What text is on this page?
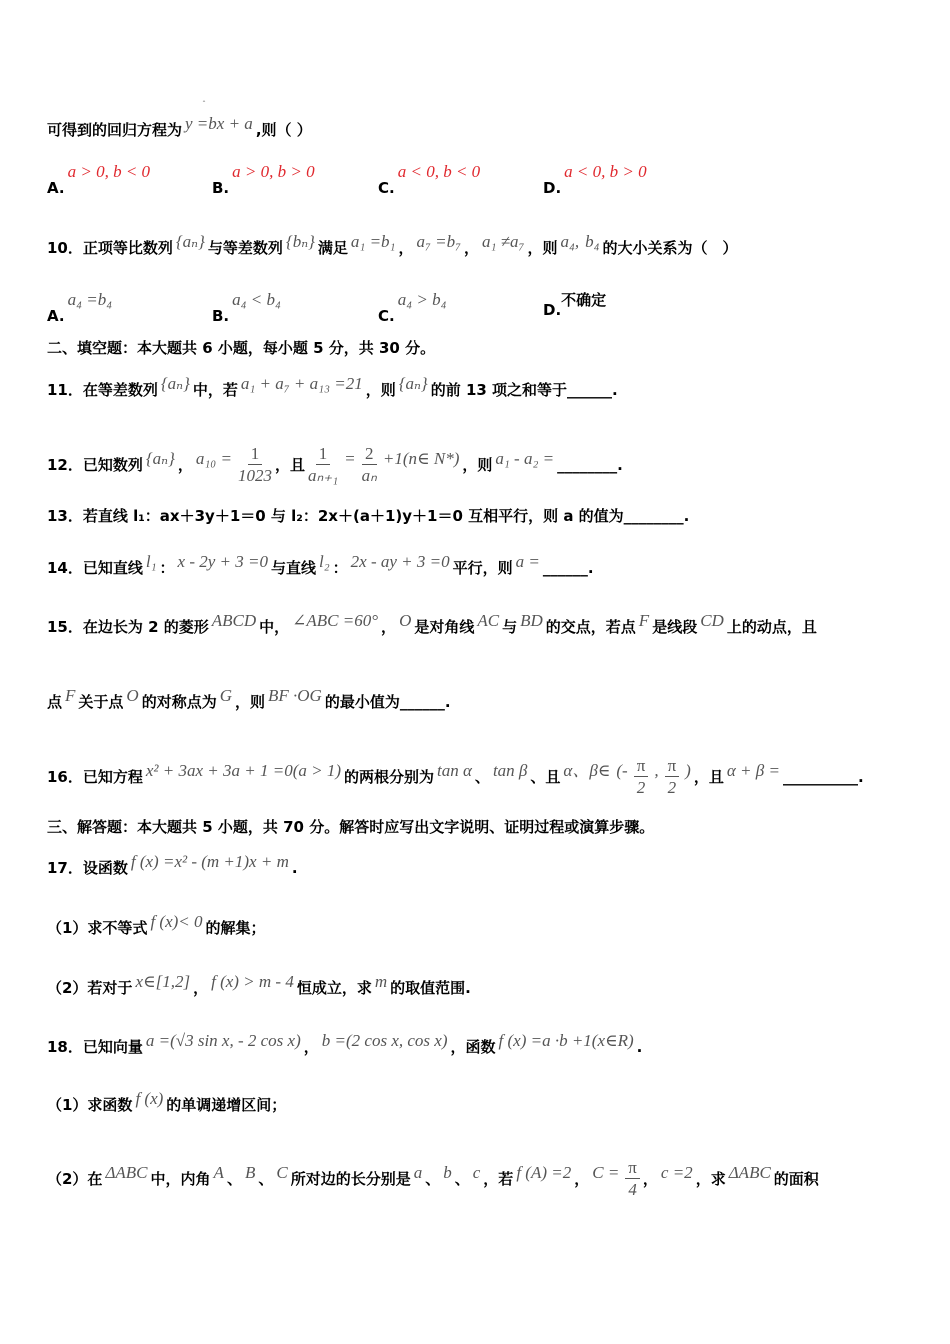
ˆ
可得到的回归方程为 y =bx + a ,则（ ）
A.a > 0, b < 0
B.a > 0, b > 0
C.a < 0, b < 0
D.a < 0, b > 0
10．正项等比数列 {aₙ} 与等差数列 {bₙ} 满足 a₁ =b₁ ， a₇ =b₇ ， a₁ ≠a₇ ，则 a₄, b₄ 的大小关系为（　）
A.a₄ =b₄
B.a₄ < b₄
C.a₄ > b₄
D.不确定
二、填空题：本大题共 6 小题，每小题 5 分，共 30 分。
11．在等差数列 {aₙ} 中，若 a₁ + a₇ + a₁₃ =21 ，则 {aₙ} 的前 13 项之和等于______.
12．已知数列 {aₙ} ， $a_{10} = \frac{1}{1023}$ ，且 $\frac{1}{\text{aₙ₊₁}} = \frac{2}{\text{aₙ}}$ +1(n∈ N*) ，则 a₁ - a₂ = ________.
13．若直线 l₁：ax＋3y＋1＝0 与 l₂：2x＋(a＋1)y＋1＝0 互相平行，则 a 的值为________.
14．已知直线 l₁ ： x - 2y + 3 =0 与直线 l₂ ： 2x - ay + 3 =0 平行，则 a = ______.
15．在边长为 2 的菱形 ABCD 中， ∠ABC =60° ， O 是对角线 AC 与 BD 的交点，若点 F 是线段 CD 上的动点，且
点 F 关于点 O 的对称点为 G ，则 BF ·OG 的最小值为______.
16．已知方程 x² + 3ax + 3a + 1 =0(a > 1) 的两根分别为 tan α 、 tan β 、且 α、β∈ (- $\frac{\pi}{2}$ , $\frac{\pi}{2}$ ) ，且 α + β = __________.
三、解答题：本大题共 5 小题，共 70 分。解答时应写出文字说明、证明过程或演算步骤。
17．设函数 f (x) =x² - (m +1)x + m .
（1）求不等式 f (x)< 0 的解集；
（2）若对于 x∈[1,2] ， f (x) > m - 4 恒成立，求 m 的取值范围.
18．已知向量 a =(√3 sin x, - 2 cos x) ， b =(2 cos x, cos x) ，函数 f (x) =a ·b +1(x∈R) .
（1）求函数 f (x) 的单调递增区间；
（2）在 ΔABC 中，内角 A 、 B 、 C 所对边的长分别是 a 、 b 、 c ，若 f (A) =2 ， $C = \frac{\pi}{4}$ ， c =2 ，求 ΔABC 的面积
